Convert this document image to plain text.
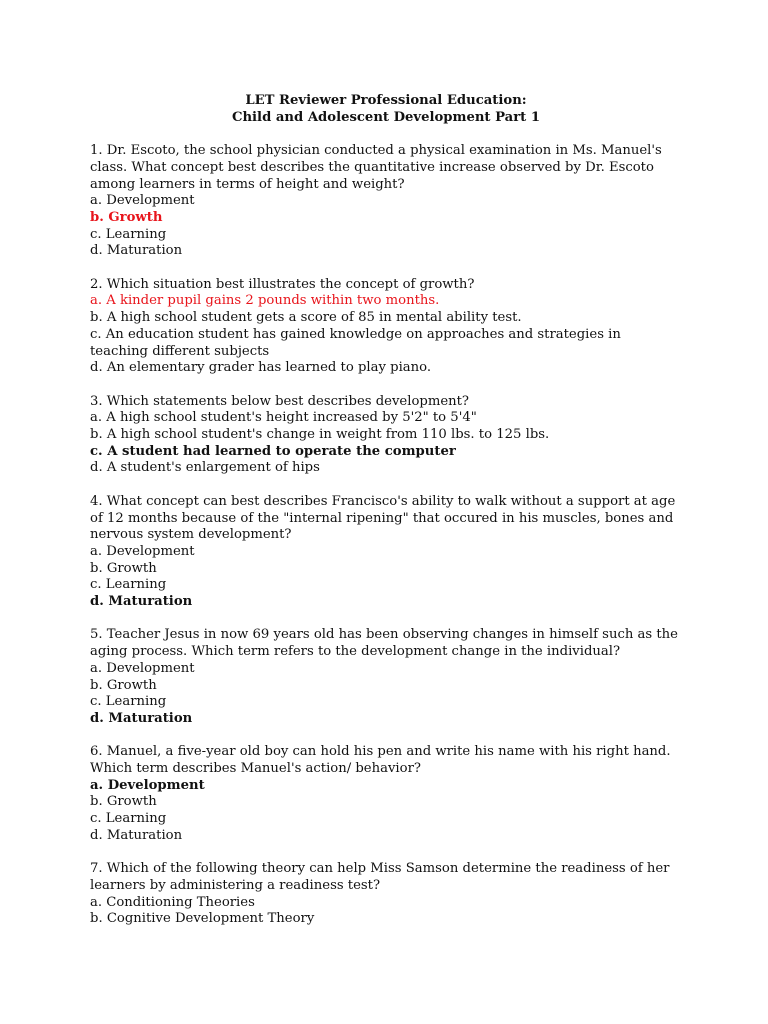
LET Reviewer Professional Education:

Child and Adolescent Development Part 1

1. Dr. Escoto, the school physician conducted a physical examination in Ms. Manuel's class. What concept best describes the quantitative increase observed by Dr. Escoto among learners in terms of height and weight?

a. Development

b. Growth

c. Learning

d. Maturation

2. Which situation best illustrates the concept of growth?

a. A kinder pupil gains 2 pounds within two months.

b. A high school student gets a score of 85 in mental ability test.

c. An education student has gained knowledge on approaches and strategies in teaching different subjects

d. An elementary grader has learned to play piano.

3. Which statements below best describes development?

a. A high school student's height increased by 5'2" to 5'4"

b. A high school student's change in weight from 110 lbs. to 125 lbs.

c. A student had learned to operate the computer

d. A student's enlargement of hips

4. What concept can best describes Francisco's ability to walk without a support at age of 12 months because of the "internal ripening" that occured in his muscles, bones and nervous system development?

a. Development

b. Growth

c. Learning

d. Maturation

5. Teacher Jesus in now 69 years old has been observing changes in himself such as the aging process. Which term refers to the development change in the individual?

a. Development

b. Growth

c. Learning

d. Maturation

6. Manuel, a five-year old boy can hold his pen and write his name with his right hand. Which term describes Manuel's action/ behavior?

a. Development

b. Growth

c. Learning

d. Maturation

7. Which of the following theory can help Miss Samson determine the readiness of her learners by administering a readiness test?

a. Conditioning Theories

b. Cognitive Development Theory
